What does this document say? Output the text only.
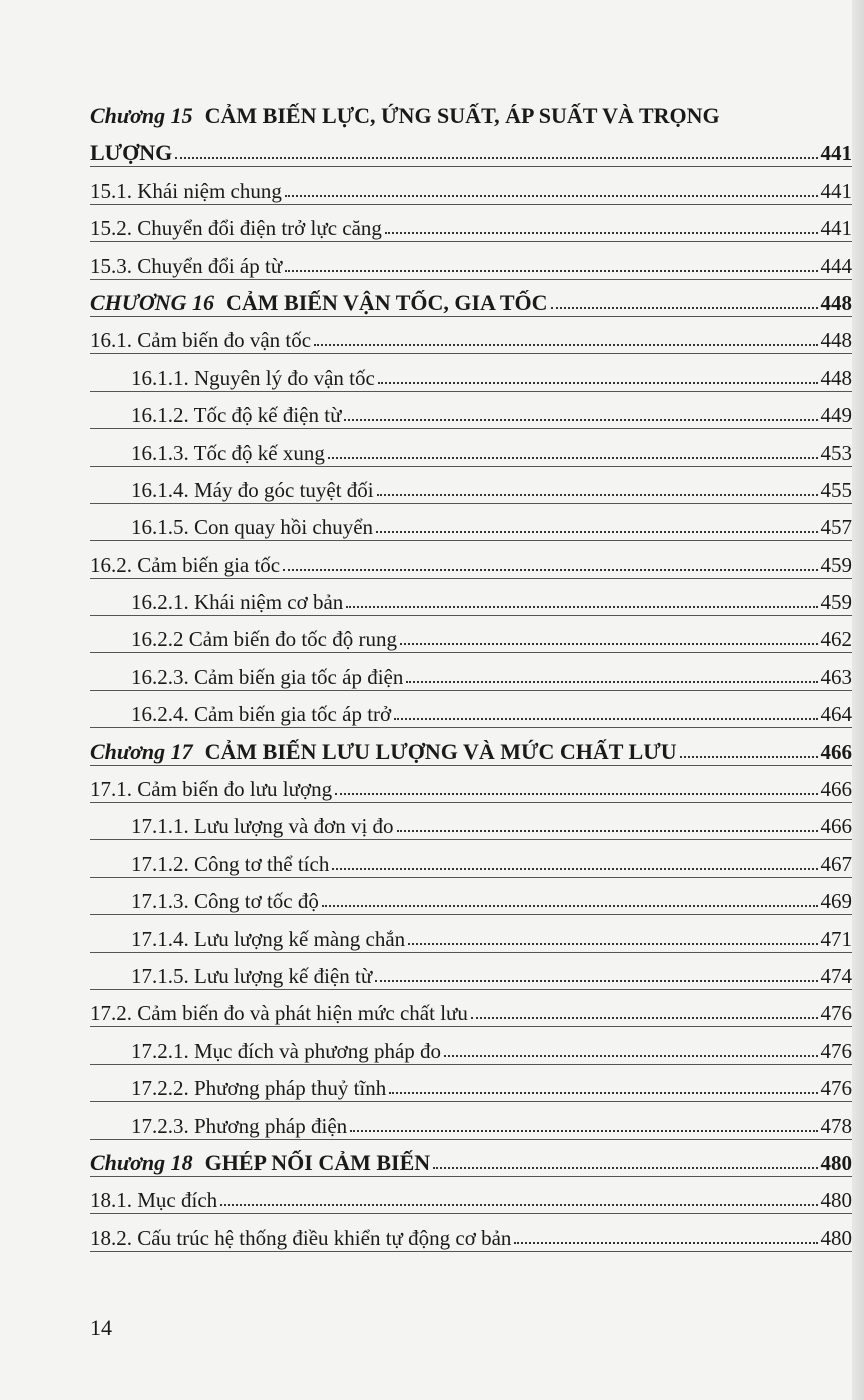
Chương 15 CẢM BIẾN LỰC, ỨNG SUẤT, ÁP SUẤT VÀ TRỌNG
LƯỢNG	441
15.1. Khái niệm chung	441
15.2. Chuyển đổi điện trở lực căng	441
15.3. Chuyển đổi áp từ	444
CHƯƠNG 16 CẢM BIẾN VẬN TỐC, GIA TỐC	448
16.1. Cảm biến đo vận tốc	448
16.1.1. Nguyên lý đo vận tốc	448
16.1.2. Tốc độ kế điện từ	449
16.1.3. Tốc độ kế xung	453
16.1.4. Máy đo góc tuyệt đối	455
16.1.5. Con quay hồi chuyển	457
16.2. Cảm biến gia tốc	459
16.2.1. Khái niệm cơ bản	459
16.2.2 Cảm biến đo tốc độ rung	462
16.2.3. Cảm biến gia tốc áp điện	463
16.2.4. Cảm biến gia tốc áp trở	464
Chương 17 CẢM BIẾN LƯU LƯỢNG VÀ MỨC CHẤT LƯU	466
17.1. Cảm biến đo lưu lượng	466
17.1.1. Lưu lượng và đơn vị đo	466
17.1.2. Công tơ thể tích	467
17.1.3. Công tơ tốc độ	469
17.1.4. Lưu lượng kế màng chắn	471
17.1.5. Lưu lượng kế điện từ	474
17.2. Cảm biến đo và phát hiện mức chất lưu	476
17.2.1. Mục đích và phương pháp đo	476
17.2.2. Phương pháp thuỷ tĩnh	476
17.2.3. Phương pháp điện	478
Chương 18 GHÉP NỐI CẢM BIẾN	480
18.1. Mục đích	480
18.2. Cấu trúc hệ thống điều khiển tự động cơ bản	480
14
